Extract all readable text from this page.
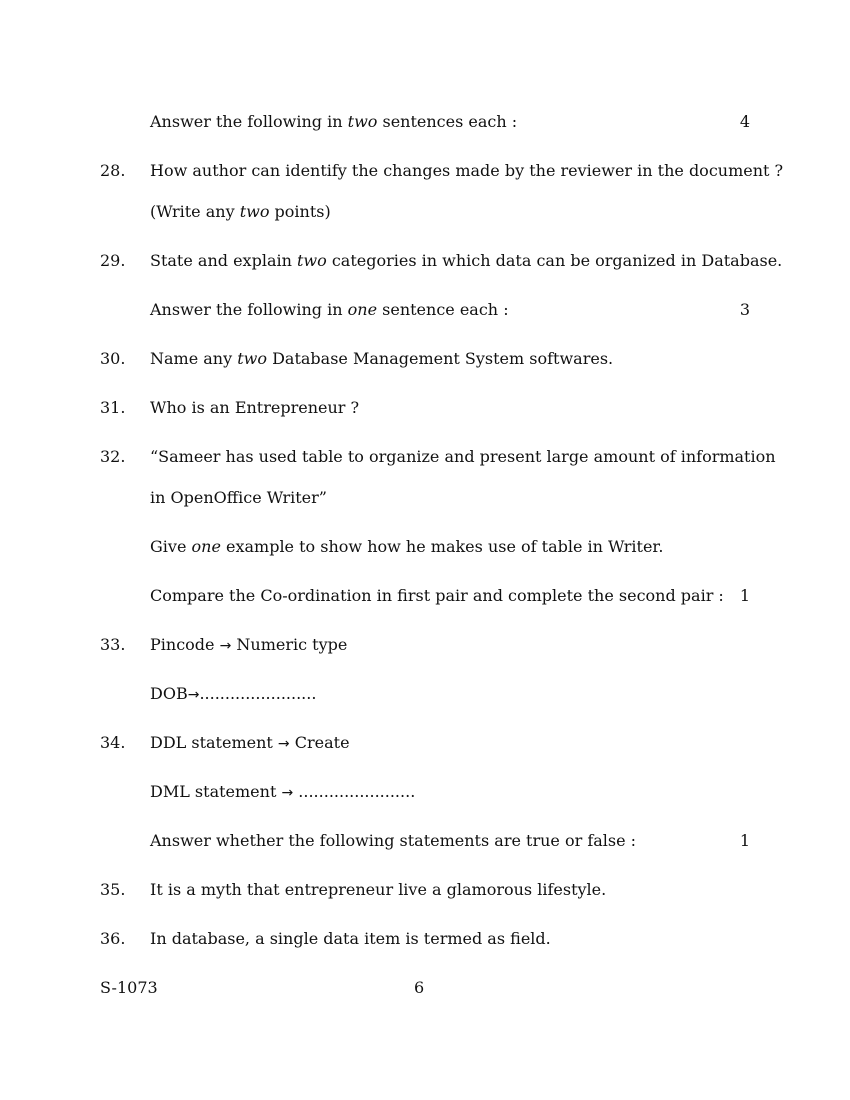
Answer the following in two sentences each :	4
28. How author can identify the changes made by the reviewer in the document ?
(Write any two points)
29. State and explain two categories in which data can be organized in Database.
Answer the following in one sentence each :	3
30. Name any two Database Management System softwares.
31. Who is an Entrepreneur ?
32. “Sameer has used table to organize and present large amount of information
in OpenOffice Writer”
Give one example to show how he makes use of table in Writer.
Compare the Co-ordination in first pair and complete the second pair :	1
33. Pincode → Numeric type
DOB→.......................
34. DDL statement → Create
DML statement → .......................
Answer whether the following statements are true or false :	1
35. It is a myth that entrepreneur live a glamorous lifestyle.
36. In database, a single data item is termed as field.
S-1073	6
